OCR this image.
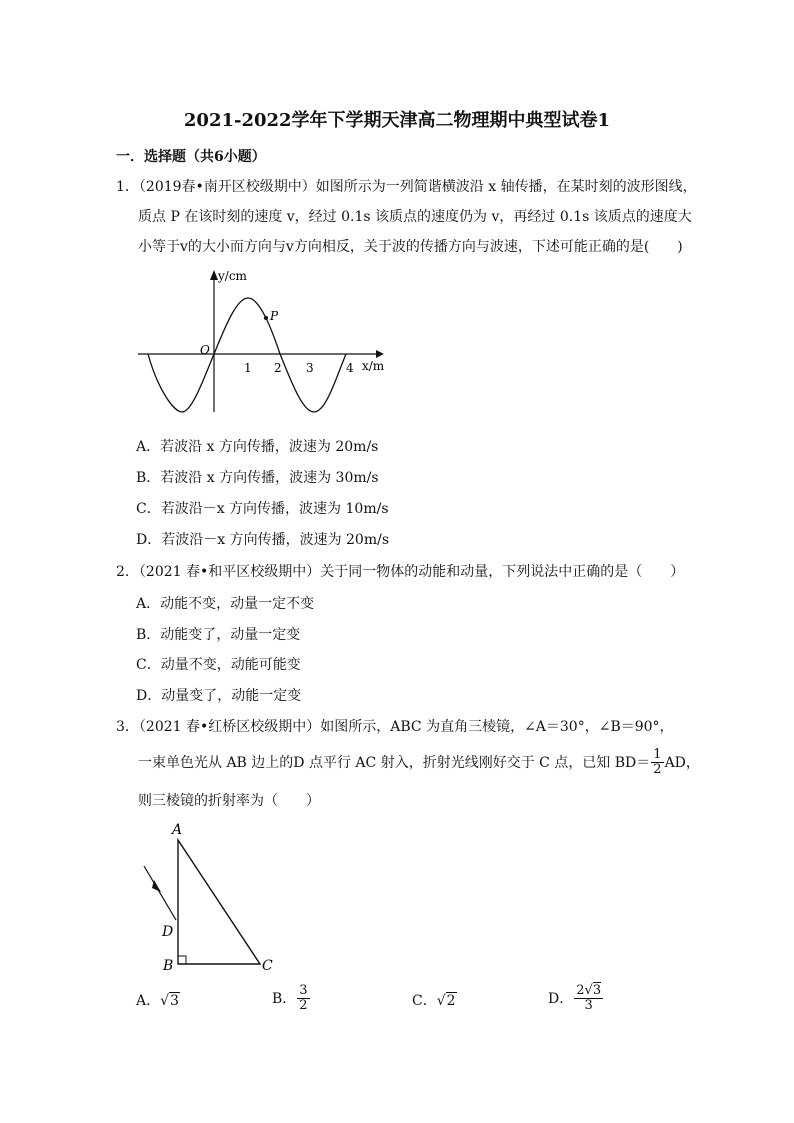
2021-2022学年下学期天津高二物理期中典型试卷1
一．选择题（共6小题）
1．（2019春•南开区校级期中）如图所示为一列简谐横波沿 x 轴传播，在某时刻的波形图线，
质点 P 在该时刻的速度 v，经过 0.1s 该质点的速度仍为 v，再经过 0.1s 该质点的速度大
小等于v的大小而方向与v方向相反，关于波的传播方向与波速，下述可能正确的是(　　)
y/cm
x/m
O
P
1 2 3	4
A．若波沿 x 方向传播，波速为 20m/s
B．若波沿 x 方向传播，波速为 30m/s
C．若波沿－x 方向传播，波速为 10m/s
D．若波沿－x 方向传播，波速为 20m/s
2．（2021 春•和平区校级期中）关于同一物体的动能和动量，下列说法中正确的是（　　）
A．动能不变，动量一定不变
B．动能变了，动量一定变
C．动量不变，动能可能变
D．动量变了，动能一定变
3．（2021 春•红桥区校级期中）如图所示，ABC 为直角三棱镜，∠A＝30°，∠B＝90°，
一束单色光从 AB 边上的D 点平行 AC 射入，折射光线刚好交于 C 点，已知 $BD= \frac{1}{2}$ AD，
则三棱镜的折射率为（　　）
A
D
B	C
A．√3	B． $\frac{3}{2}$	C．√2	D． $\frac{2√3}{3}$
